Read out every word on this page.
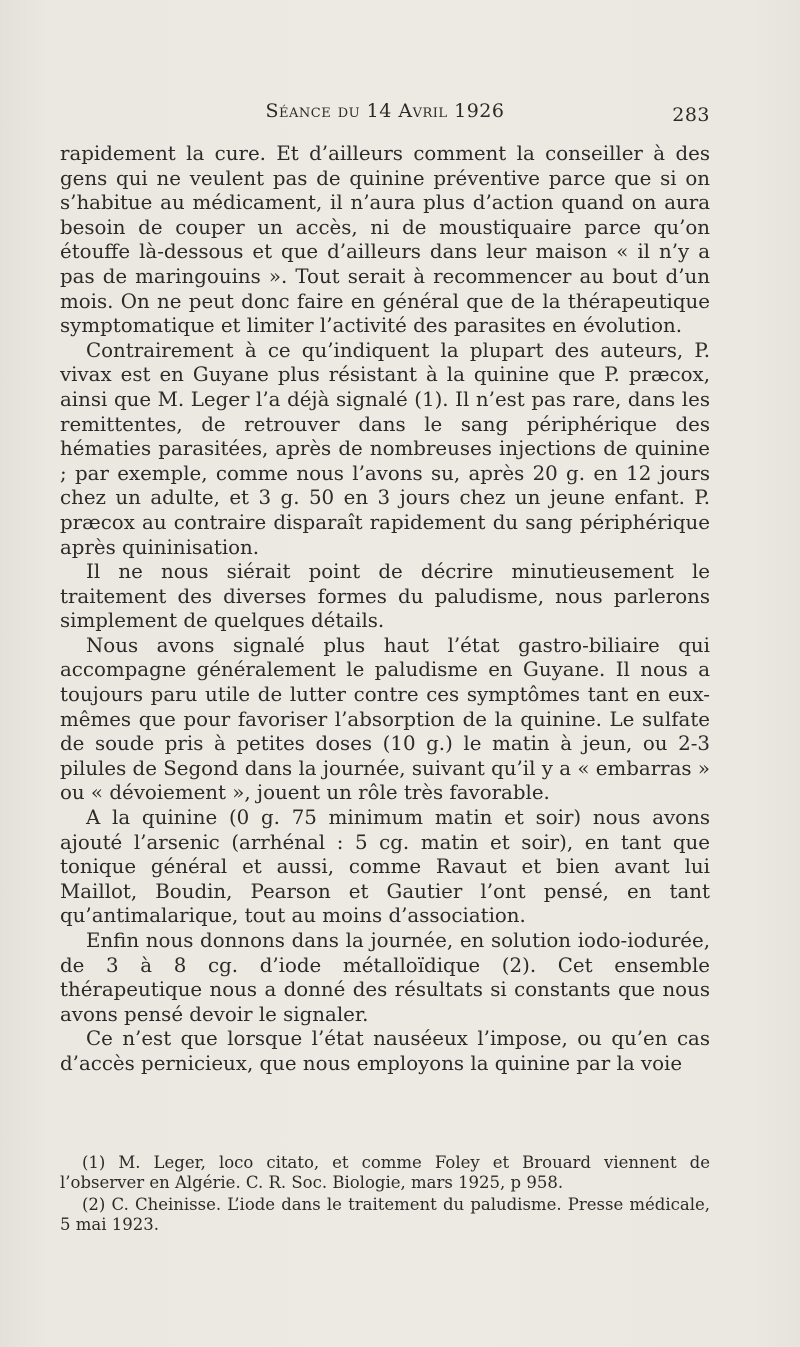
Séance du 14 Avril 1926	283

rapidement la cure. Et d’ailleurs comment la conseiller à des gens qui ne veulent pas de quinine préventive parce que si on s’habitue au médicament, il n’aura plus d’action quand on aura besoin de couper un accès, ni de moustiquaire parce qu’on étouffe là-dessous et que d’ailleurs dans leur maison « il n’y a pas de maringouins ». Tout serait à recommencer au bout d’un mois. On ne peut donc faire en général que de la thérapeutique symptomatique et limiter l’activité des parasites en évolution.

Contrairement à ce qu’indiquent la plupart des auteurs, P. vivax est en Guyane plus résistant à la quinine que P. præcox, ainsi que M. Leger l’a déjà signalé (1). Il n’est pas rare, dans les remittentes, de retrouver dans le sang périphérique des hématies parasitées, après de nombreuses injections de quinine ; par exemple, comme nous l’avons su, après 20 g. en 12 jours chez un adulte, et 3 g. 50 en 3 jours chez un jeune enfant. P. præcox au contraire disparaît rapidement du sang périphérique après quininisation.

Il ne nous siérait point de décrire minutieusement le traitement des diverses formes du paludisme, nous parlerons simplement de quelques détails.

Nous avons signalé plus haut l’état gastro-biliaire qui accompagne généralement le paludisme en Guyane. Il nous a toujours paru utile de lutter contre ces symptômes tant en eux-mêmes que pour favoriser l’absorption de la quinine. Le sulfate de soude pris à petites doses (10 g.) le matin à jeun, ou 2-3 pilules de Segond dans la journée, suivant qu’il y a « embarras » ou « dévoiement », jouent un rôle très favorable.

A la quinine (0 g. 75 minimum matin et soir) nous avons ajouté l’arsenic (arrhénal : 5 cg. matin et soir), en tant que tonique général et aussi, comme Ravaut et bien avant lui Maillot, Boudin, Pearson et Gautier l’ont pensé, en tant qu’antimalarique, tout au moins d’association.

Enfin nous donnons dans la journée, en solution iodo-iodurée, de 3 à 8 cg. d’iode métalloïdique (2). Cet ensemble thérapeutique nous a donné des résultats si constants que nous avons pensé devoir le signaler.

Ce n’est que lorsque l’état nauséeux l’impose, ou qu’en cas d’accès pernicieux, que nous employons la quinine par la voie

(1) M. Leger, loco citato, et comme Foley et Brouard viennent de l’observer en Algérie. C. R. Soc. Biologie, mars 1925, p 958.

(2) C. Cheinisse. L’iode dans le traitement du paludisme. Presse médicale, 5 mai 1923.
